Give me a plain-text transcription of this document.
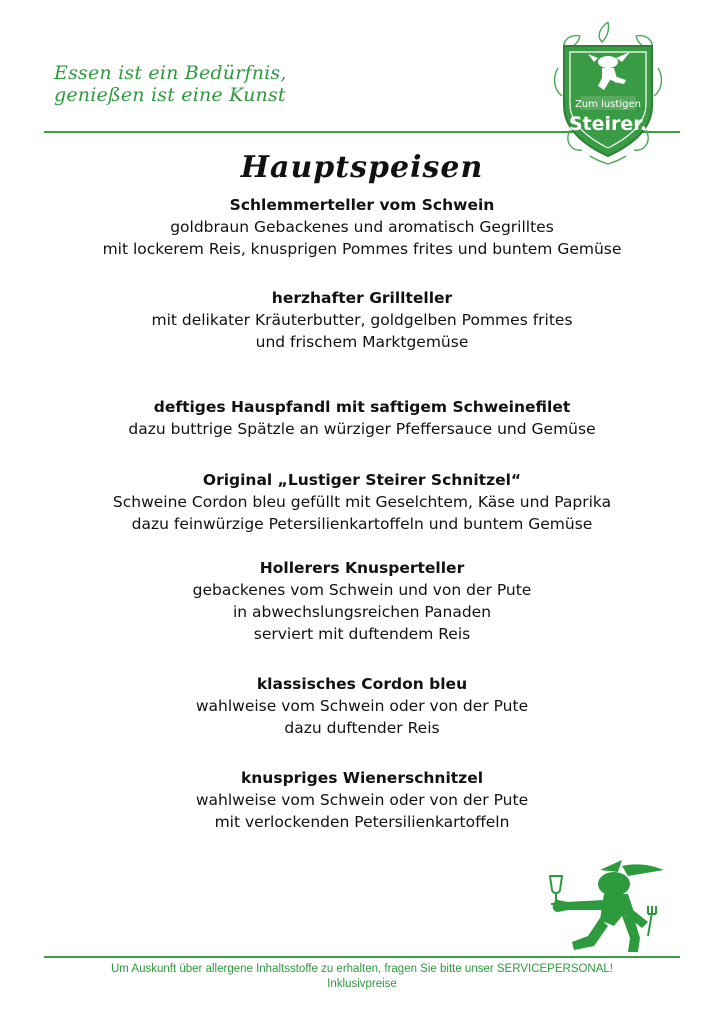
Essen ist ein Bedürfnis,
genießen ist eine Kunst	Zum lustigen
Steirer.
Hauptspeisen
Schlemmerteller vom Schwein
goldbraun Gebackenes und aromatisch Gegrilltes
mit lockerem Reis, knusprigen Pommes frites und buntem Gemüse
herzhafter Grillteller
mit delikater Kräuterbutter, goldgelben Pommes frites
und frischem Marktgemüse
deftiges Hauspfandl mit saftigem Schweinefilet
dazu buttrige Spätzle an würziger Pfeffersauce und Gemüse
Original „Lustiger Steirer Schnitzel“
Schweine Cordon bleu gefüllt mit Geselchtem, Käse und Paprika
dazu feinwürzige Petersilienkartoffeln und buntem Gemüse
Hollerers Knusperteller
gebackenes vom Schwein und von der Pute
in abwechslungsreichen Panaden
serviert mit duftendem Reis
klassisches Cordon bleu
wahlweise vom Schwein oder von der Pute
dazu duftender Reis
knuspriges Wienerschnitzel
wahlweise vom Schwein oder von der Pute
mit verlockenden Petersilienkartoffeln
Um Auskunft über allergene Inhaltsstoffe zu erhalten, fragen Sie bitte unser SERVICEPERSONAL!
Inklusivpreise
